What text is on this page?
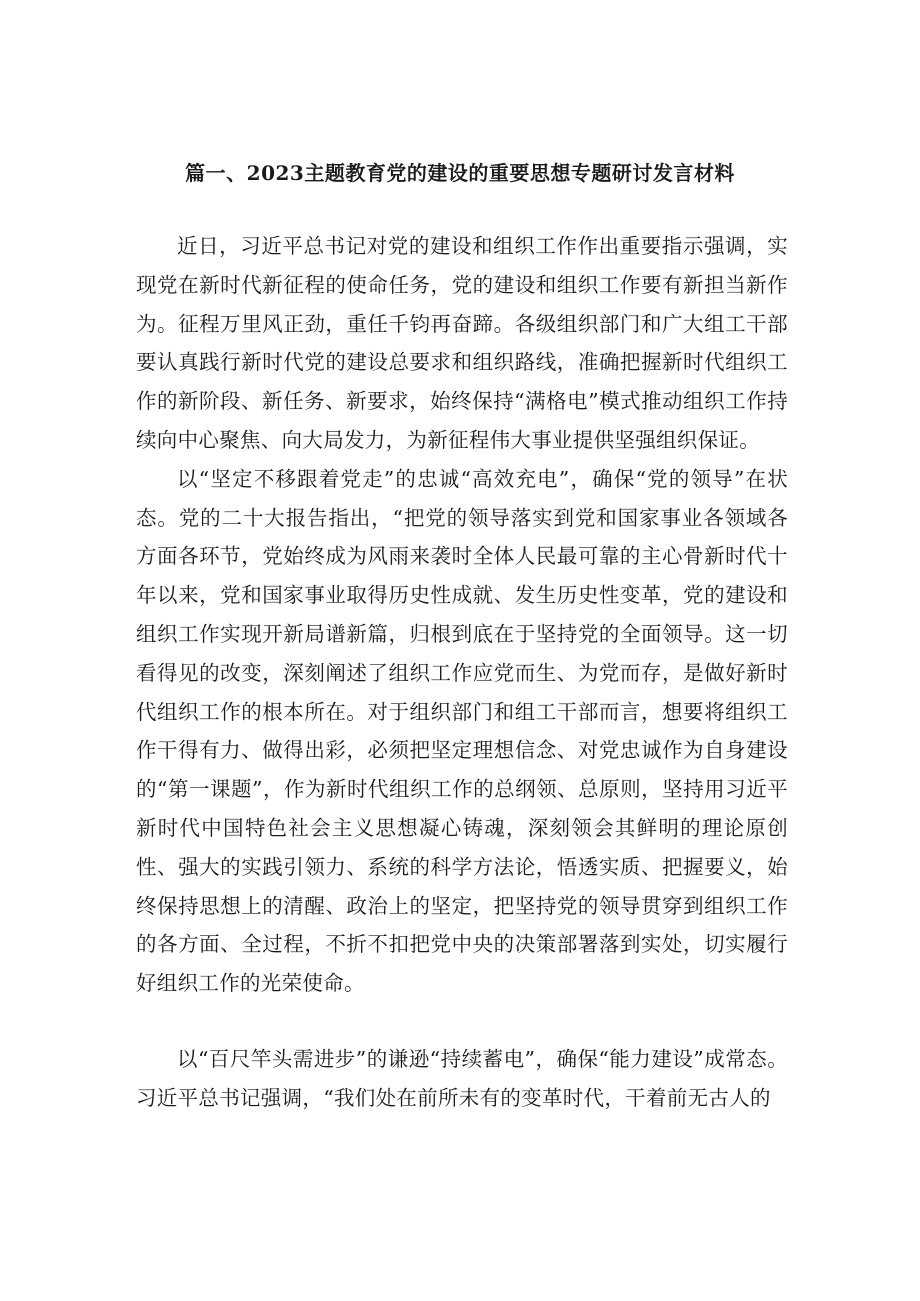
篇一、2023主题教育党的建设的重要思想专题研讨发言材料

近日，习近平总书记对党的建设和组织工作作出重要指示强调，实现党在新时代新征程的使命任务，党的建设和组织工作要有新担当新作为。征程万里风正劲，重任千钧再奋蹄。各级组织部门和广大组工干部要认真践行新时代党的建设总要求和组织路线，准确把握新时代组织工作的新阶段、新任务、新要求，始终保持“满格电”模式推动组织工作持续向中心聚焦、向大局发力，为新征程伟大事业提供坚强组织保证。

以“坚定不移跟着党走”的忠诚“高效充电”，确保“党的领导”在状态。党的二十大报告指出，“把党的领导落实到党和国家事业各领域各方面各环节，党始终成为风雨来袭时全体人民最可靠的主心骨新时代十年以来，党和国家事业取得历史性成就、发生历史性变革，党的建设和组织工作实现开新局谱新篇，归根到底在于坚持党的全面领导。这一切看得见的改变，深刻阐述了组织工作应党而生、为党而存，是做好新时代组织工作的根本所在。对于组织部门和组工干部而言，想要将组织工作干得有力、做得出彩，必须把坚定理想信念、对党忠诚作为自身建设的“第一课题”，作为新时代组织工作的总纲领、总原则，坚持用习近平新时代中国特色社会主义思想凝心铸魂，深刻领会其鲜明的理论原创性、强大的实践引领力、系统的科学方法论，悟透实质、把握要义，始终保持思想上的清醒、政治上的坚定，把坚持党的领导贯穿到组织工作的各方面、全过程，不折不扣把党中央的决策部署落到实处，切实履行好组织工作的光荣使命。

以“百尺竿头需进步”的谦逊“持续蓄电”，确保“能力建设”成常态。习近平总书记强调，“我们处在前所未有的变革时代，干着前无古人的
